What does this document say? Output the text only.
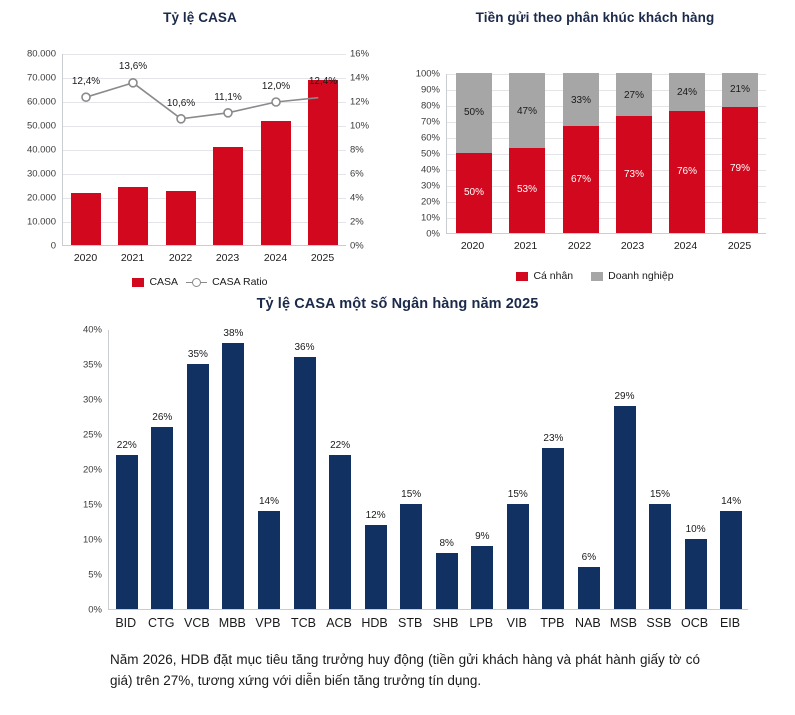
Tỷ lệ CASA
80.000
70.000
60.000
50.000
40.000
30.000
20.000
10.000
0
16%
14%
12%
10%
8%
6%
4%
2%
0%
12,4%
13,6%
10,6%
11,1%
12,0% 12,4%
2020	2021	2022	2023	2024	2025
CASA	CASA Ratio
Tiền gửi theo phân khúc khách hàng
100%
90%
80%
70%
60%
50%
40%
30%
20%
10%
0%
50%
50%
53%
47%
67%
33%
73%
27%
76%
24%
79%
21%
2020	2021	2022	2023	2024	2025
Cá nhân	Doanh nghiệp
Tỷ lệ CASA một số Ngân hàng năm 2025
40%
35%
30%
25%
20%
15%
10%
5%
0%
22%
26%
35%
38%
14%
36%
22%
12%
15%
8%
9%
15%
23%
6%
29%
15%
10%
14%
BID CTG VCB MBB VPB TCB ACB HDB STB SHB LPB	VIB	TPB NAB MSB SSB OCB EIB
Năm 2026, HDB đặt mục tiêu tăng trưởng huy động (tiền gửi khách hàng và phát hành giấy tờ có giá) trên 27%, tương xứng với diễn biến tăng trưởng tín dụng.
